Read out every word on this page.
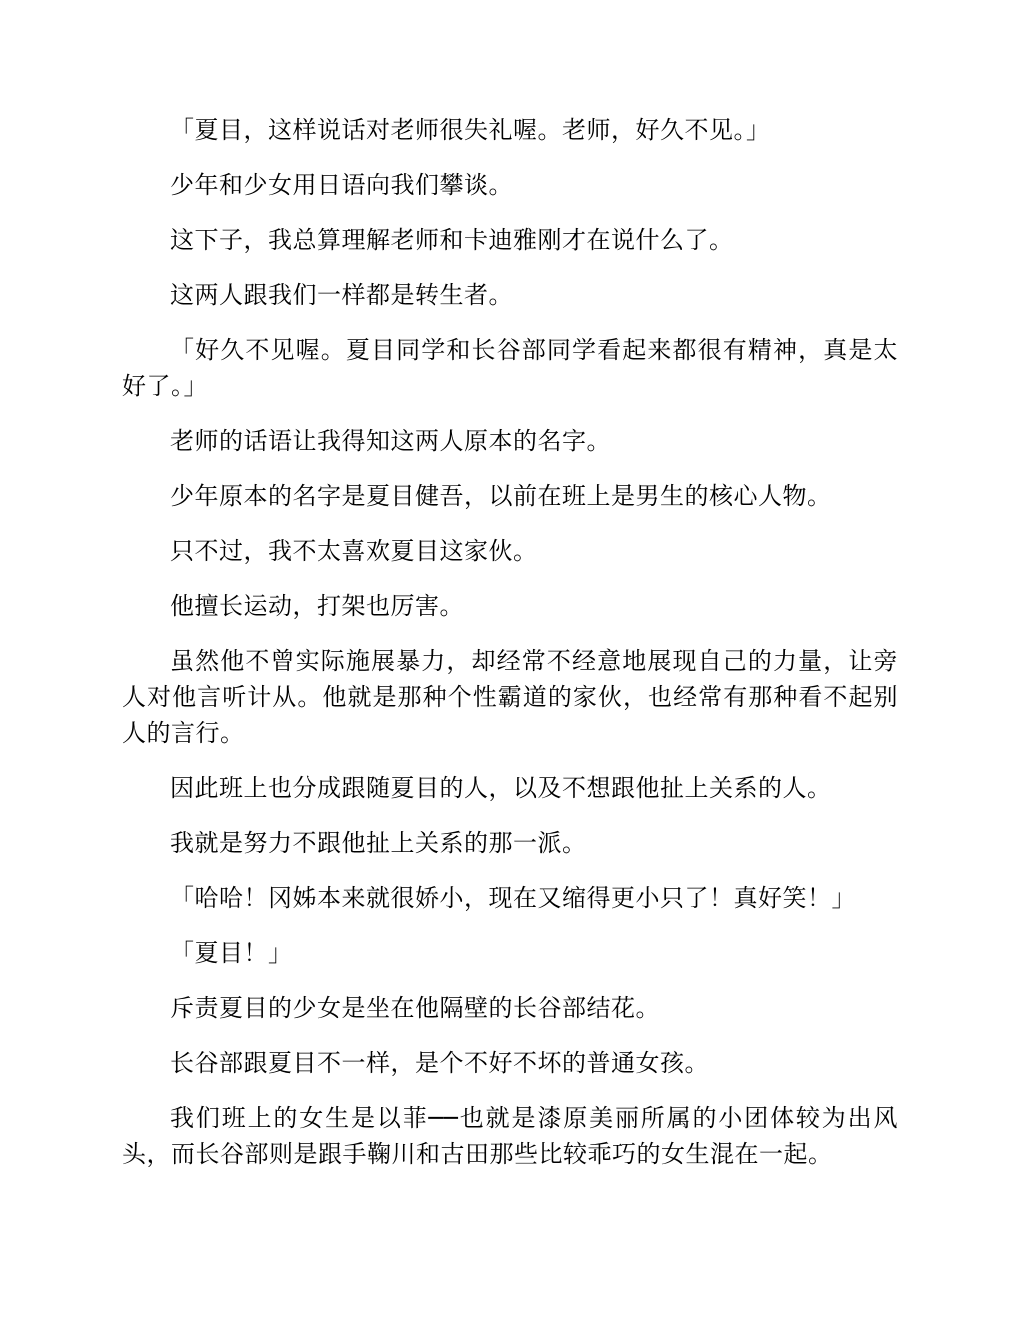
「夏目，这样说话对老师很失礼喔。老师，好久不见。」

少年和少女用日语向我们攀谈。

这下子，我总算理解老师和卡迪雅刚才在说什么了。

这两人跟我们一样都是转生者。

「好久不见喔。夏目同学和长谷部同学看起来都很有精神，真是太好了。」

老师的话语让我得知这两人原本的名字。

少年原本的名字是夏目健吾，以前在班上是男生的核心人物。

只不过，我不太喜欢夏目这家伙。

他擅长运动，打架也厉害。

虽然他不曾实际施展暴力，却经常不经意地展现自己的力量，让旁人对他言听计从。他就是那种个性霸道的家伙，也经常有那种看不起别人的言行。

因此班上也分成跟随夏目的人，以及不想跟他扯上关系的人。

我就是努力不跟他扯上关系的那一派。

「哈哈！冈姊本来就很娇小，现在又缩得更小只了！真好笑！」

「夏目！」

斥责夏目的少女是坐在他隔壁的长谷部结花。

长谷部跟夏目不一样，是个不好不坏的普通女孩。

我们班上的女生是以菲──也就是漆原美丽所属的小团体较为出风头，而长谷部则是跟手鞠川和古田那些比较乖巧的女生混在一起。
